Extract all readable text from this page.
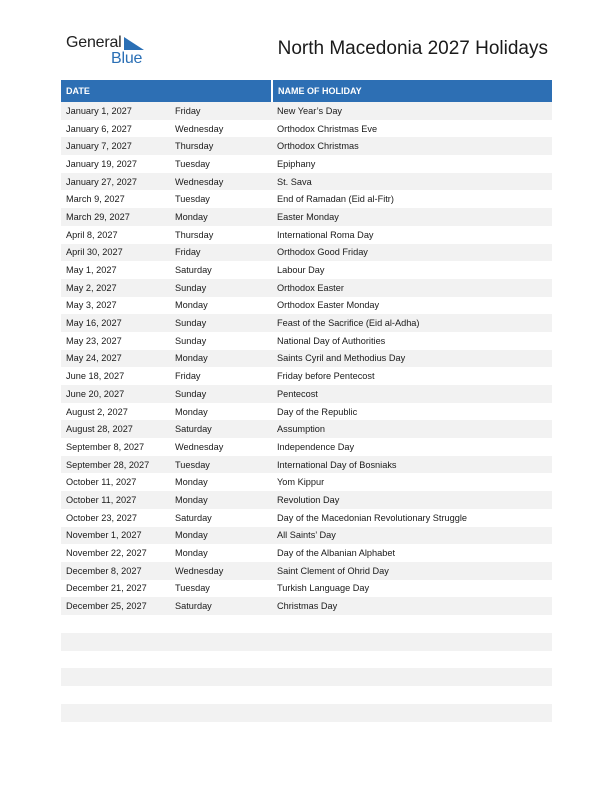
General
Blue	North Macedonia 2027 Holidays
DATE	NAME OF HOLIDAY
January 1, 2027	Friday	New Year’s Day
January 6, 2027	Wednesday	Orthodox Christmas Eve
January 7, 2027	Thursday	Orthodox Christmas
January 19, 2027	Tuesday	Epiphany
January 27, 2027	Wednesday	St. Sava
March 9, 2027	Tuesday	End of Ramadan (Eid al-Fitr)
March 29, 2027	Monday	Easter Monday
April 8, 2027	Thursday	International Roma Day
April 30, 2027	Friday	Orthodox Good Friday
May 1, 2027	Saturday	Labour Day
May 2, 2027	Sunday	Orthodox Easter
May 3, 2027	Monday	Orthodox Easter Monday
May 16, 2027	Sunday	Feast of the Sacrifice (Eid al-Adha)
May 23, 2027	Sunday	National Day of Authorities
May 24, 2027	Monday	Saints Cyril and Methodius Day
June 18, 2027	Friday	Friday before Pentecost
June 20, 2027	Sunday	Pentecost
August 2, 2027	Monday	Day of the Republic
August 28, 2027	Saturday	Assumption
September 8, 2027	Wednesday	Independence Day
September 28, 2027	Tuesday	International Day of Bosniaks
October 11, 2027	Monday	Yom Kippur
October 11, 2027	Monday	Revolution Day
October 23, 2027	Saturday	Day of the Macedonian Revolutionary Struggle
November 1, 2027	Monday	All Saints’ Day
November 22, 2027	Monday	Day of the Albanian Alphabet
December 8, 2027	Wednesday	Saint Clement of Ohrid Day
December 21, 2027	Tuesday	Turkish Language Day
December 25, 2027	Saturday	Christmas Day
